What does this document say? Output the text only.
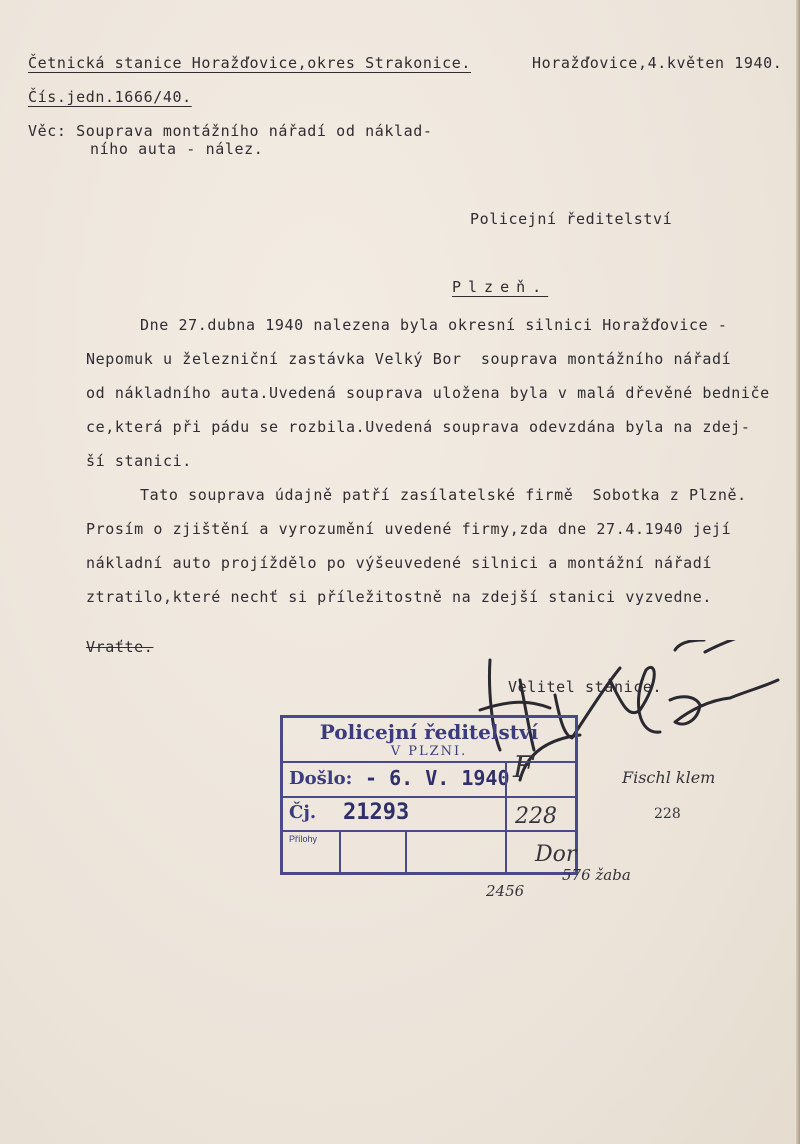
Četnická stanice Horažďovice,okres Strakonice.	Horažďovice,4.květen 1940.
Čís.jedn.1666/40.
Věc: Souprava montážního nářadí od náklad-
ního auta - nález.
Policejní ředitelství
Plzeň.
Dne 27.dubna 1940 nalezena byla okresní silnici Horažďovice -
Nepomuk u železniční zastávka Velký Bor  souprava montážního nářadí
od nákladního auta.Uvedená souprava uložena byla v malá dřevěné bedniče
ce,která při pádu se rozbila.Uvedená souprava odevzdána byla na zdej-
ší stanici.
Tato souprava údajně patří zasílatelské firmě  Sobotka z Plzně.
Prosím o zjištění a vyrozumění uvedené firmy,zda dne 27.4.1940 její
nákladní auto projíždělo po výšeuvedené silnici a montážní nářadí
ztratilo,které nechť si příležitostně na zdejší stanici vyzvedne.
Vraťte.
Velitel stanice.
Policejní ředitelství
V PLZNI.
Došlo: - 6. V. 1940
Čj. 21293
Přílohy
F
228
Dor
Fischl klem
228
2456
576 žaba
